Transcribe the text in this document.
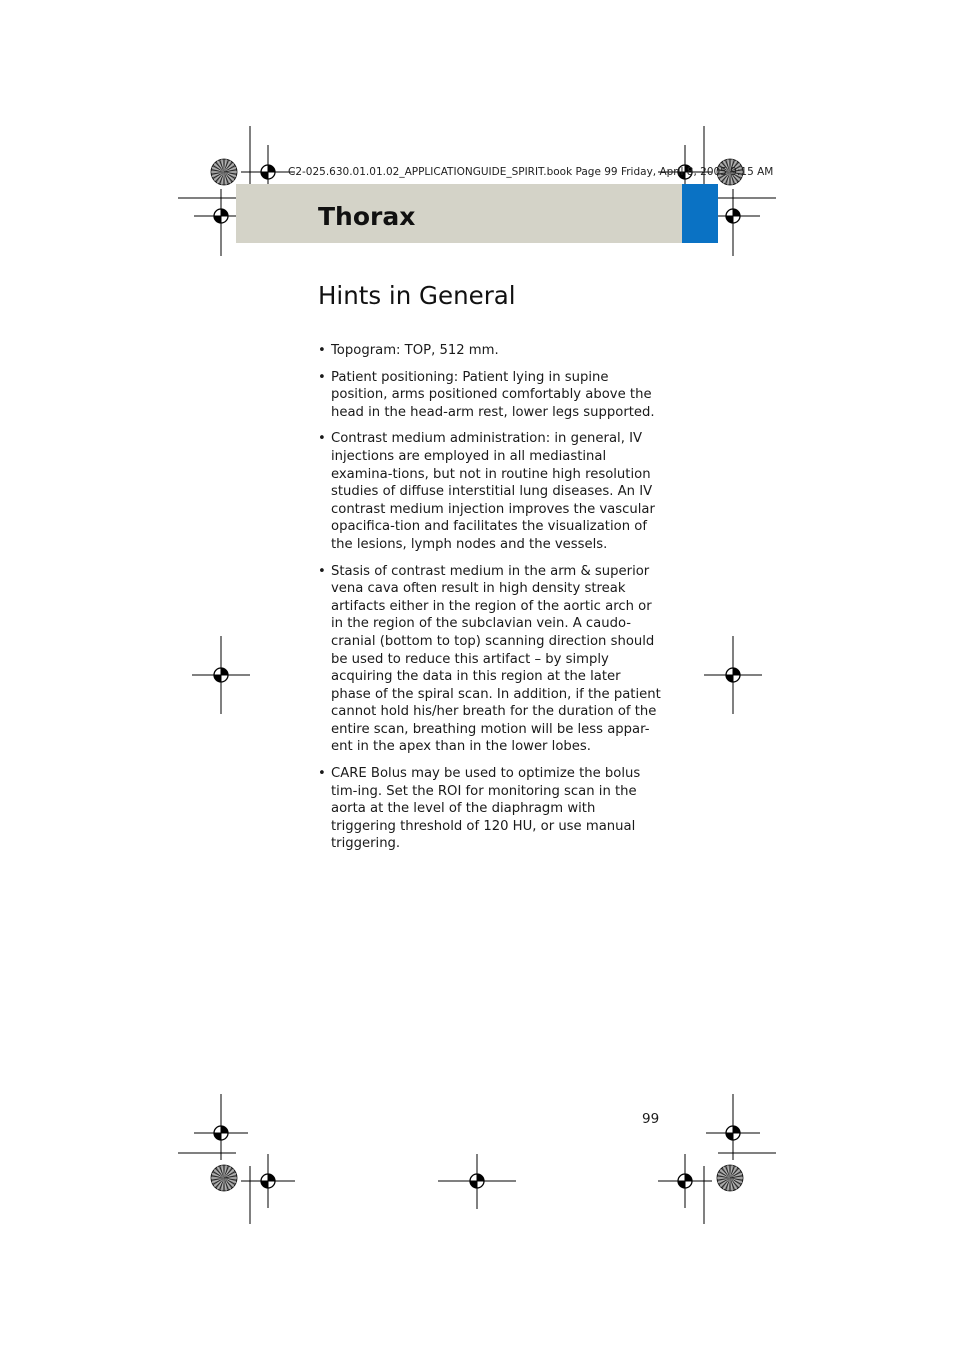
C2-025.630.01.01.02_APPLICATIONGUIDE_SPIRIT.book Page 99 Friday, April 8, 2005 9:15 AM
Thorax
Hints in General
• Topogram: TOP, 512 mm.
• Patient positioning: Patient lying in supine position, arms positioned comfortably above the head in the head-arm rest, lower legs supported.
• Contrast medium administration: in general, IV injections are employed in all mediastinal examina-tions, but not in routine high resolution studies of diffuse interstitial lung diseases. An IV contrast medium injection improves the vascular opacifica-tion and facilitates the visualization of the lesions, lymph nodes and the vessels.
• Stasis of contrast medium in the arm & superior vena cava often result in high density streak artifacts either in the region of the aortic arch or in the region of the subclavian vein. A caudo-cranial (bottom to top) scanning direction should be used to reduce this artifact – by simply acquiring the data in this region at the later phase of the spiral scan. In addition, if the patient cannot hold his/her breath for the duration of the entire scan, breathing motion will be less appar-ent in the apex than in the lower lobes.
• CARE Bolus may be used to optimize the bolus tim-ing. Set the ROI for monitoring scan in the aorta at the level of the diaphragm with triggering threshold of 120 HU, or use manual triggering.
99
